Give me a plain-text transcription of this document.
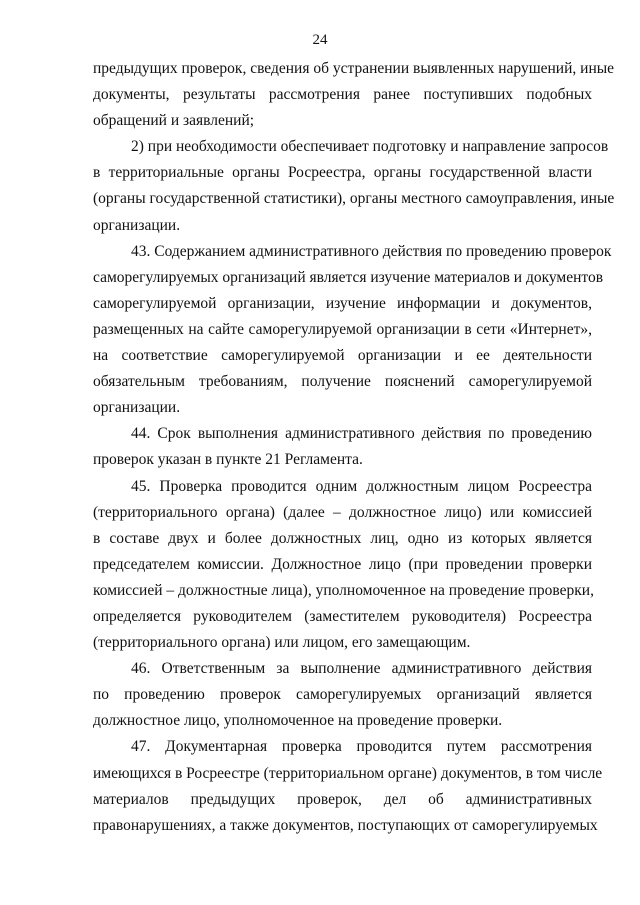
24
предыдущих проверок, сведения об устранении выявленных нарушений, иные
документы, результаты рассмотрения ранее поступивших подобных
обращений и заявлений;
2) при необходимости обеспечивает подготовку и направление запросов
в территориальные органы Росреестра, органы государственной власти
(органы государственной статистики), органы местного самоуправления, иные
организации.
43. Содержанием административного действия по проведению проверок
саморегулируемых организаций является изучение материалов и документов
саморегулируемой организации, изучение информации и документов,
размещенных на сайте саморегулируемой организации в сети «Интернет»,
на соответствие саморегулируемой организации и ее деятельности
обязательным требованиям, получение пояснений саморегулируемой
организации.
44. Срок выполнения административного действия по проведению
проверок указан в пункте 21 Регламента.
45. Проверка проводится одним должностным лицом Росреестра
(территориального органа) (далее – должностное лицо) или комиссией
в составе двух и более должностных лиц, одно из которых является
председателем комиссии. Должностное лицо (при проведении проверки
комиссией – должностные лица), уполномоченное на проведение проверки,
определяется руководителем (заместителем руководителя) Росреестра
(территориального органа) или лицом, его замещающим.
46. Ответственным за выполнение административного действия
по проведению проверок саморегулируемых организаций является
должностное лицо, уполномоченное на проведение проверки.
47. Документарная проверка проводится путем рассмотрения
имеющихся в Росреестре (территориальном органе) документов, в том числе
материалов предыдущих проверок, дел об административных
правонарушениях, а также документов, поступающих от саморегулируемых
